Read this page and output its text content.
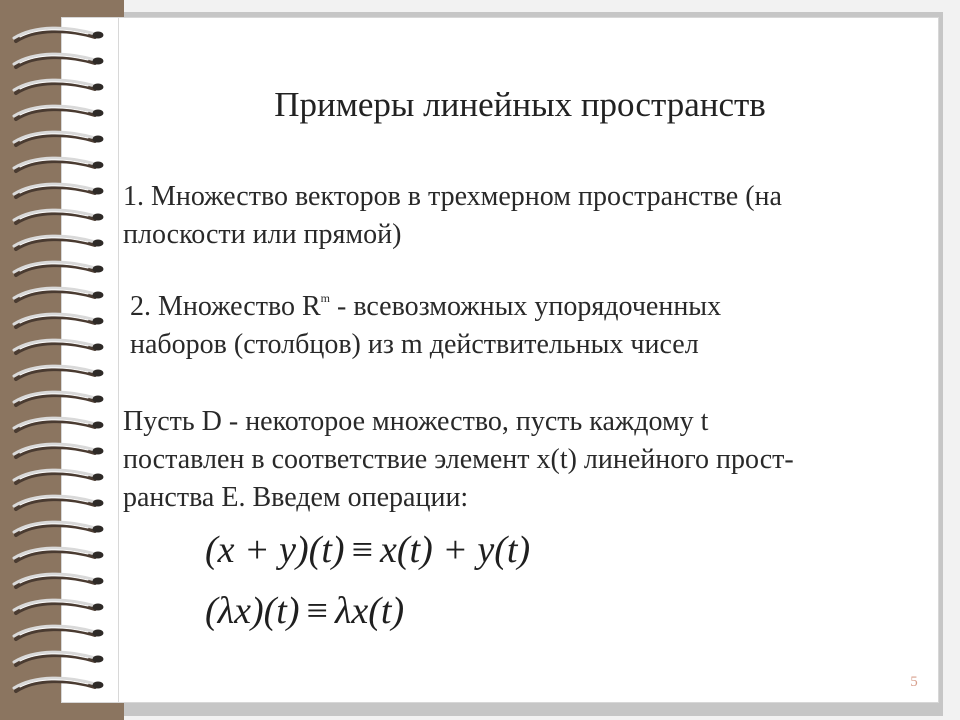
Примеры линейных пространств
1. Множество векторов в трехмерном пространстве (на
плоскости или прямой)
2. Множество $R^m$ - всевозможных упорядоченных
наборов (столбцов) из m действительных чисел
Пусть D - некоторое множество, пусть каждому t
поставлен в соответствие элемент x(t) линейного прост-
ранства E. Введем операции:
(x + y)(t) ≡ x(t) + y(t)
(λx)(t) ≡ λx(t)
5
